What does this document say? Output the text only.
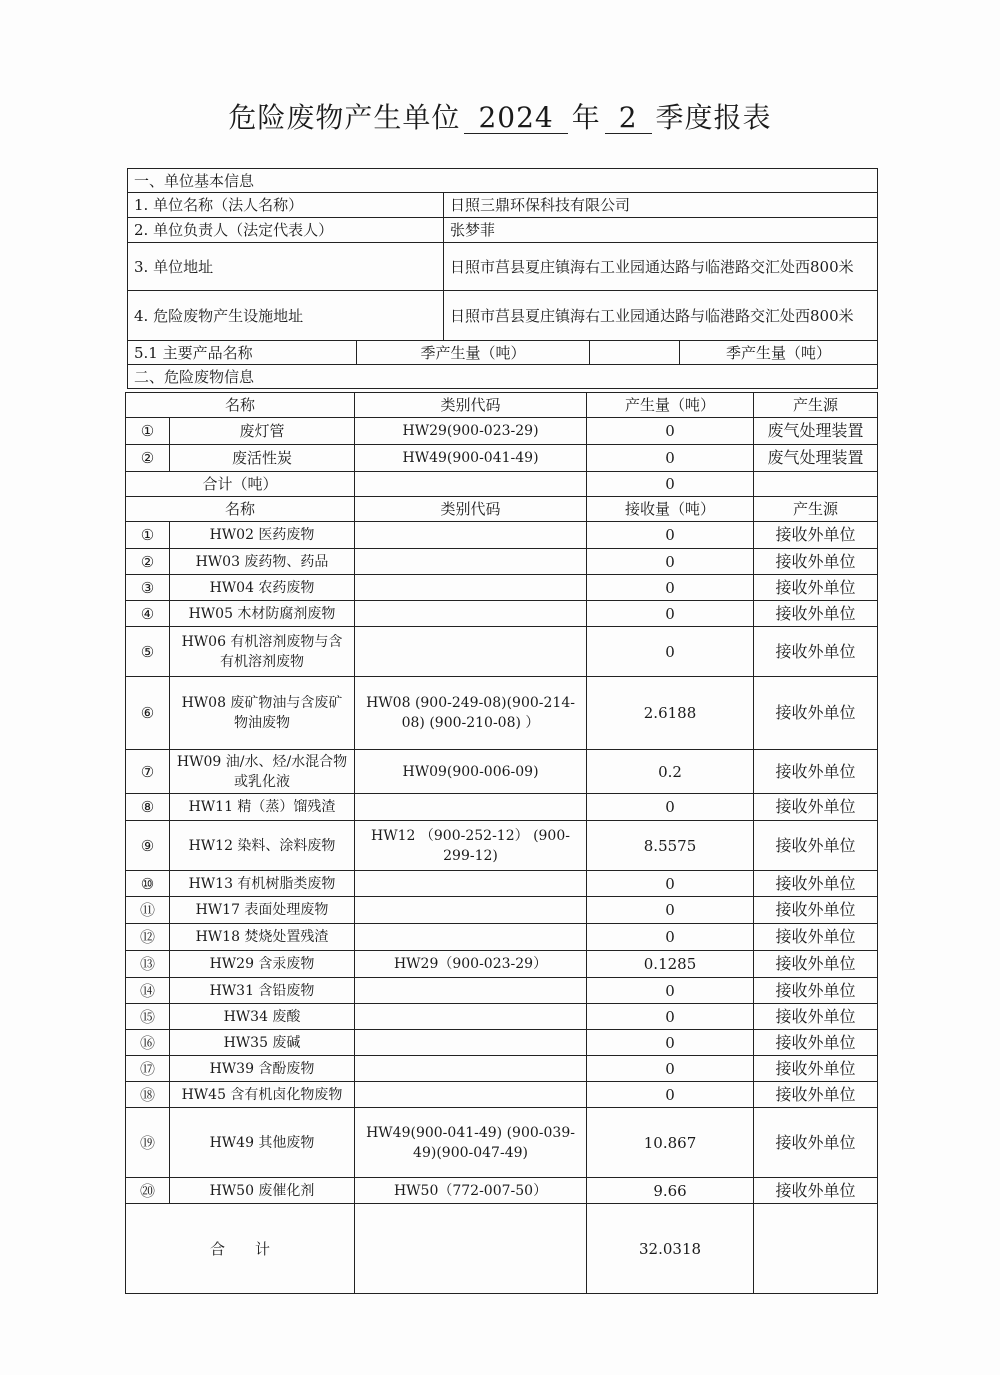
危险废物产生单位 2024 年 2 季度报表
一、单位基本信息				
1. 单位名称（法人名称）		日照三鼎环保科技有限公司		
2. 单位负责人（法定代表人）		张梦菲		
3. 单位地址		日照市莒县夏庄镇海右工业园通达路与临港路交汇处西800米		
4. 危险废物产生设施地址		日照市莒县夏庄镇海右工业园通达路与临港路交汇处西800米		
5.1 主要产品名称	季产生量（吨）			季产生量（吨）
二、危险废物信息				
名称		类别代码	产生量（吨）	产生源
①	废灯管	HW29(900-023-29)	0	废气处理装置
②	废活性炭	HW49(900-041-49)	0	废气处理装置
合计（吨）			0	
名称		类别代码	接收量（吨）	产生源
①	HW02 医药废物		0	接收外单位
②	HW03 废药物、药品		0	接收外单位
③	HW04 农药废物		0	接收外单位
④	HW05 木材防腐剂废物		0	接收外单位
⑤	HW06 有机溶剂废物与含有机溶剂废物		0	接收外单位
⑥	HW08 废矿物油与含废矿物油废物	HW08 (900-249-08)(900-214-08) (900-210-08) ）	2.6188	接收外单位
⑦	HW09 油/水、烃/水混合物或乳化液	HW09(900-006-09)	0.2	接收外单位
⑧	HW11 精（蒸）馏残渣		0	接收外单位
⑨	HW12 染料、涂料废物	HW12 （900-252-12） (900-299-12)	8.5575	接收外单位
⑩	HW13 有机树脂类废物		0	接收外单位
⑪	HW17 表面处理废物		0	接收外单位
⑫	HW18 焚烧处置残渣		0	接收外单位
⑬	HW29 含汞废物	HW29（900-023-29）	0.1285	接收外单位
⑭	HW31 含铅废物		0	接收外单位
⑮	HW34 废酸		0	接收外单位
⑯	HW35 废碱		0	接收外单位
⑰	HW39 含酚废物		0	接收外单位
⑱	HW45 含有机卤化物废物		0	接收外单位
⑲	HW49 其他废物	HW49(900-041-49) (900-039-49)(900-047-49)	10.867	接收外单位
⑳	HW50 废催化剂	HW50（772-007-50）	9.66	接收外单位
合　　计			32.0318	
